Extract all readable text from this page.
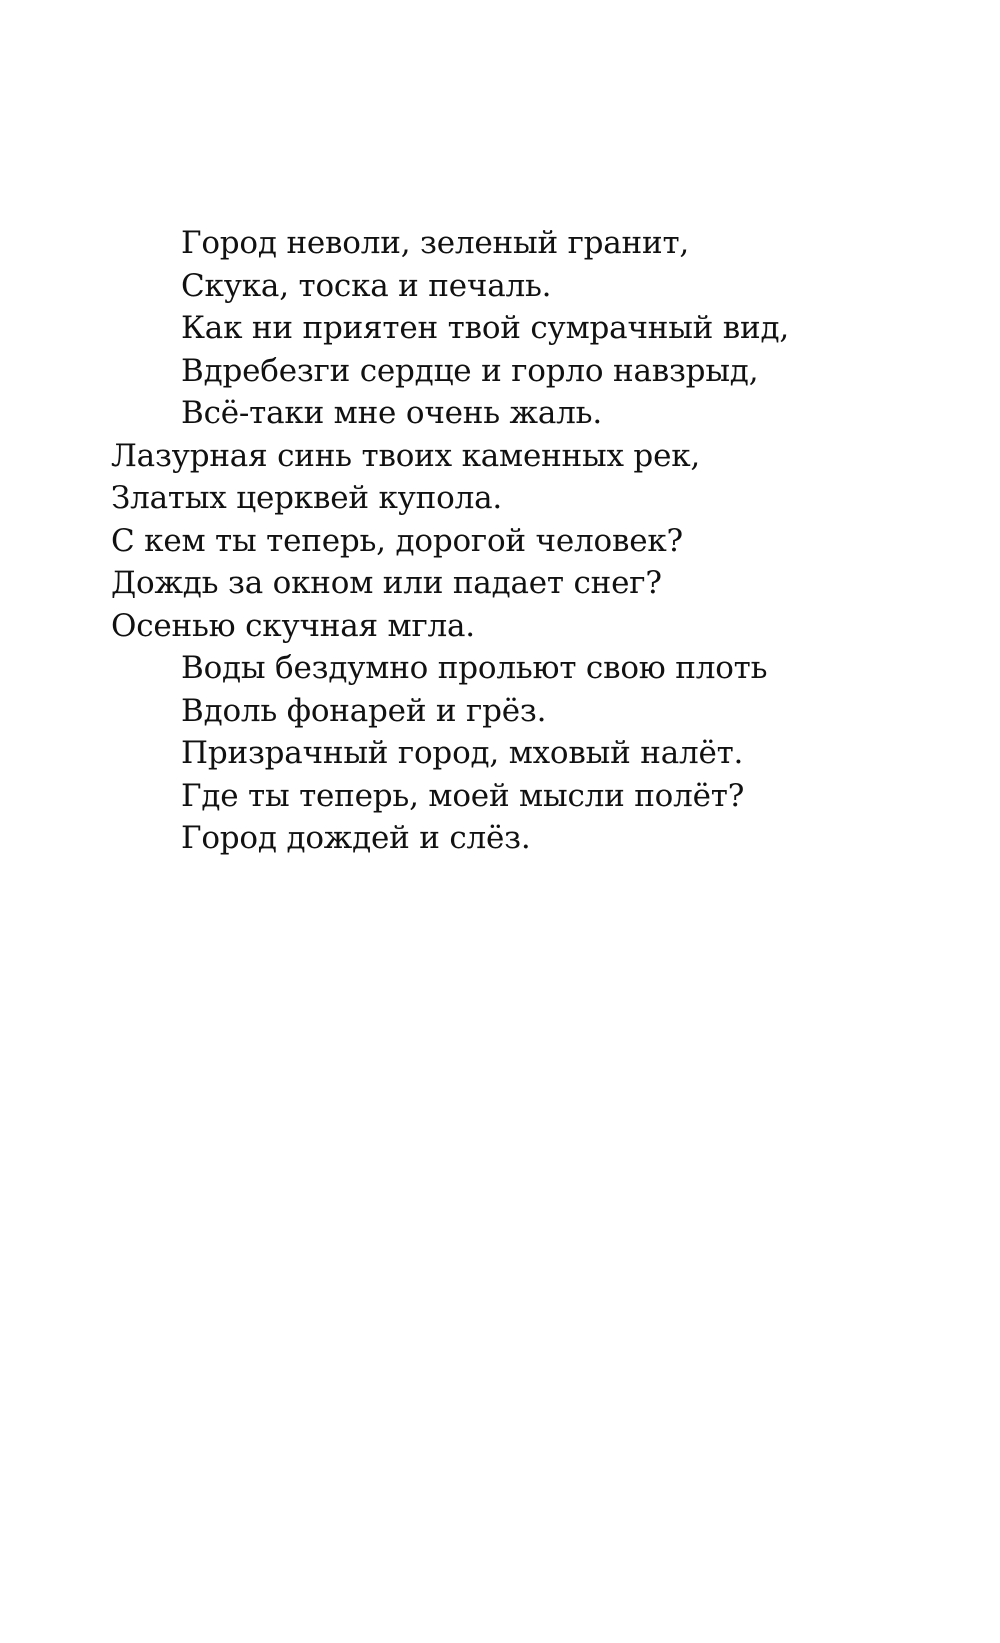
Город неволи, зеленый гранит,
Скука, тоска и печаль.
Как ни приятен твой сумрачный вид,
Вдребезги сердце и горло навзрыд,
Всё-таки мне очень жаль.
Лазурная синь твоих каменных рек,
Златых церквей купола.
С кем ты теперь, дорогой человек?
Дождь за окном или падает снег?
Осенью скучная мгла.
Воды бездумно прольют свою плоть
Вдоль фонарей и грёз.
Призрачный город, мховый налёт.
Где ты теперь, моей мысли полёт?
Город дождей и слёз.
